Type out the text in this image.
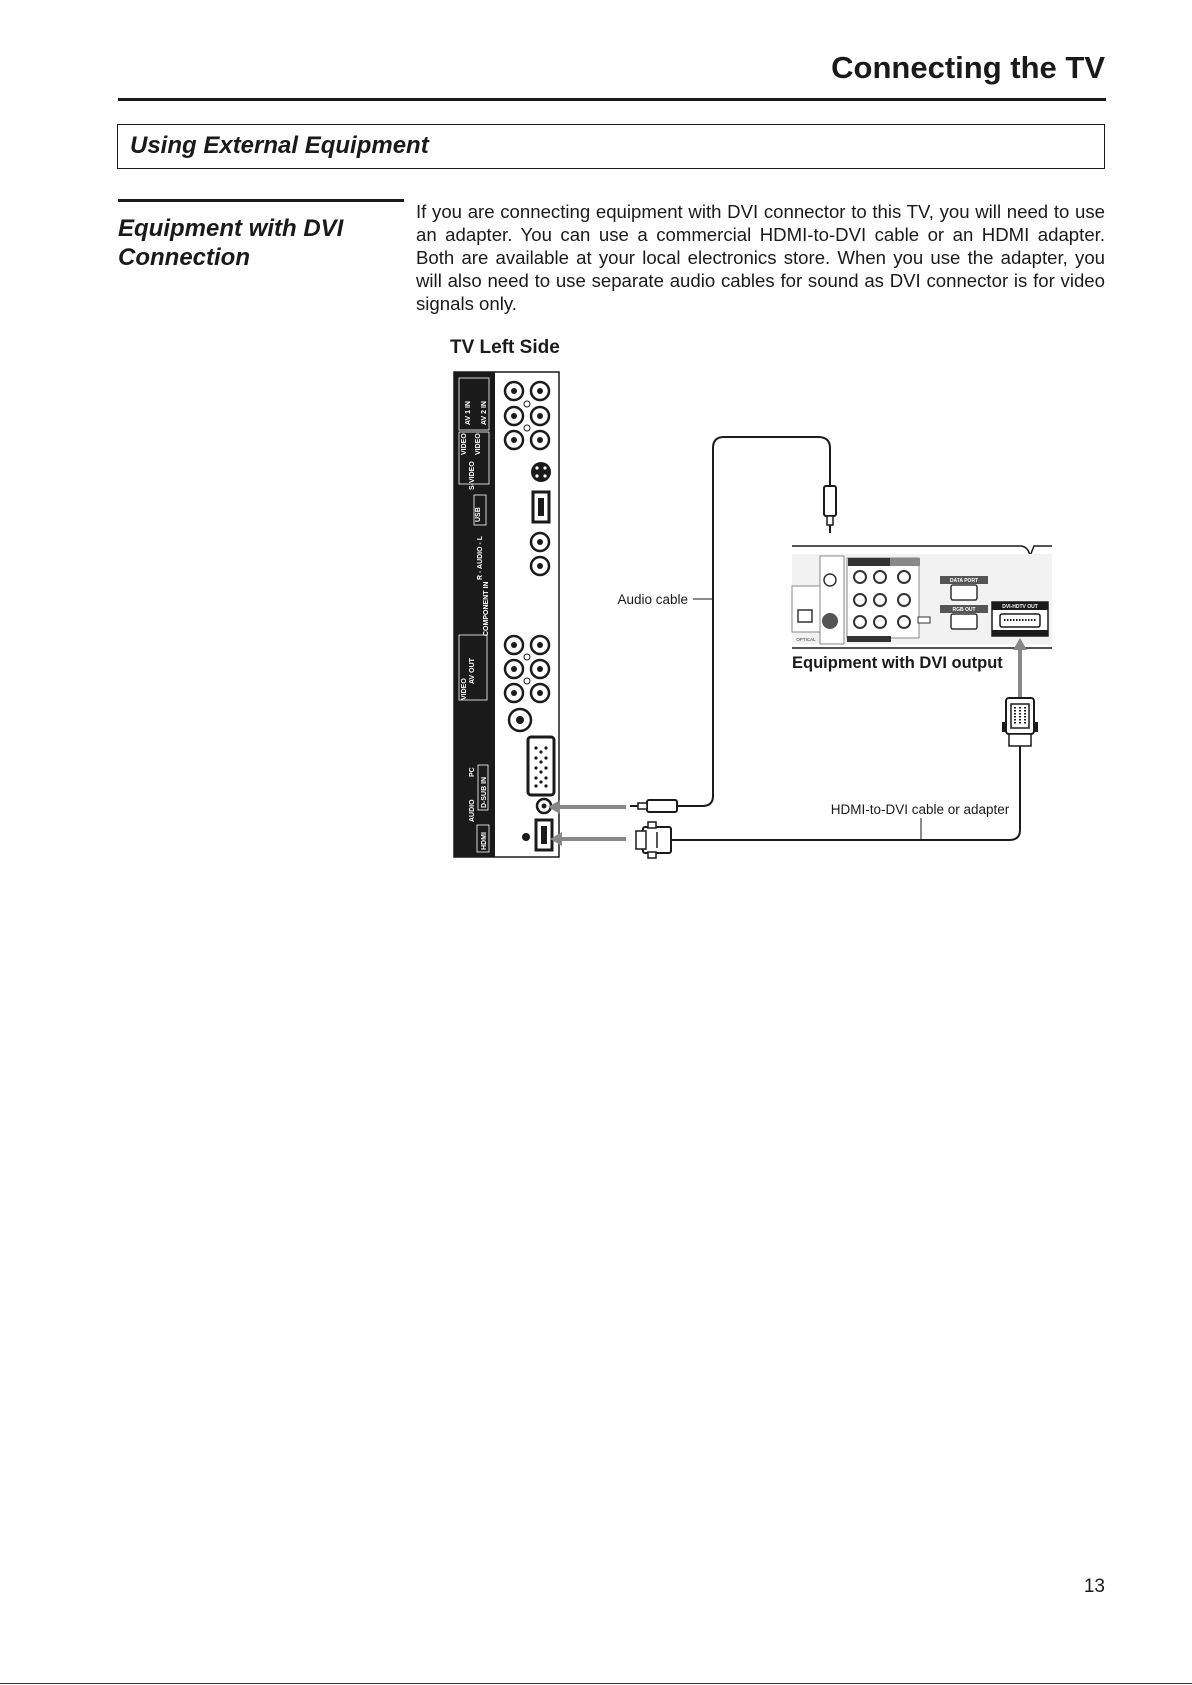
Connecting the TV
Using External Equipment
Equipment with DVI
Connection

If you are connecting equipment with DVI connector to this TV, you will need to use an adapter. You can use a commercial HDMI-to-DVI cable or an HDMI adapter. Both are available at your local electronics store. When you use the adapter, you will also need to use separate audio cables for sound as DVI connector is for video signals only.

TV Left Side

AV 1 IN AV 2 IN
VIDEO VIDEO
S-VIDEO
USB
R - AUDIO - L
COMPONENT IN
AV OUT
VIDEO
PC
AUDIO
D-SUB IN
HDMI
Audio cable
OPTICAL
DATA PORT
RGB OUT	DVI-HDTV OUT
Equipment with DVI output
HDMI-to-DVI cable or adapter
13
